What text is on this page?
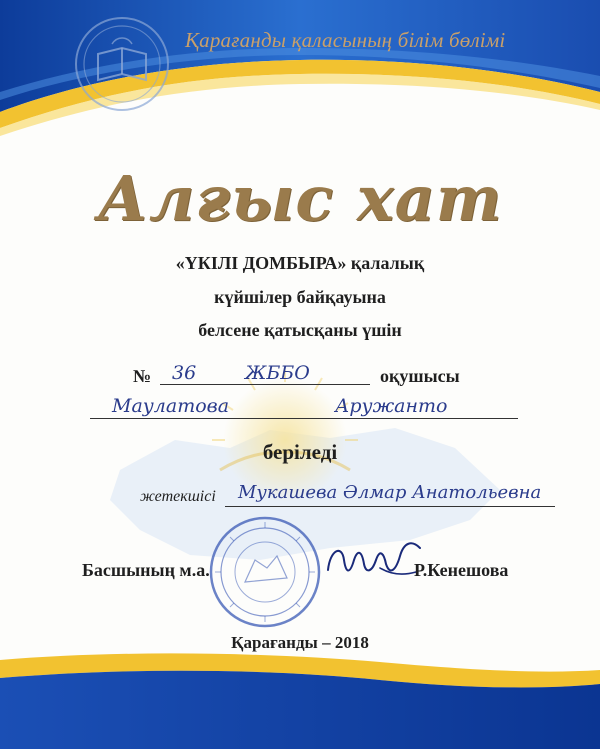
Қарағанды қаласының білім бөлімі
Алғыс хат
«ҮКІЛІ ДОМБЫРА» қалалық
күйшілер байқауына
белсене қатысқаны үшін
№ 36	ЖББО	оқушысы
Маулатова	Аружанто
беріледі
жетекшісі Мукашева Әлмар Анатольевна
Басшының м.а.	Р.Кенешова
Қарағанды – 2018
